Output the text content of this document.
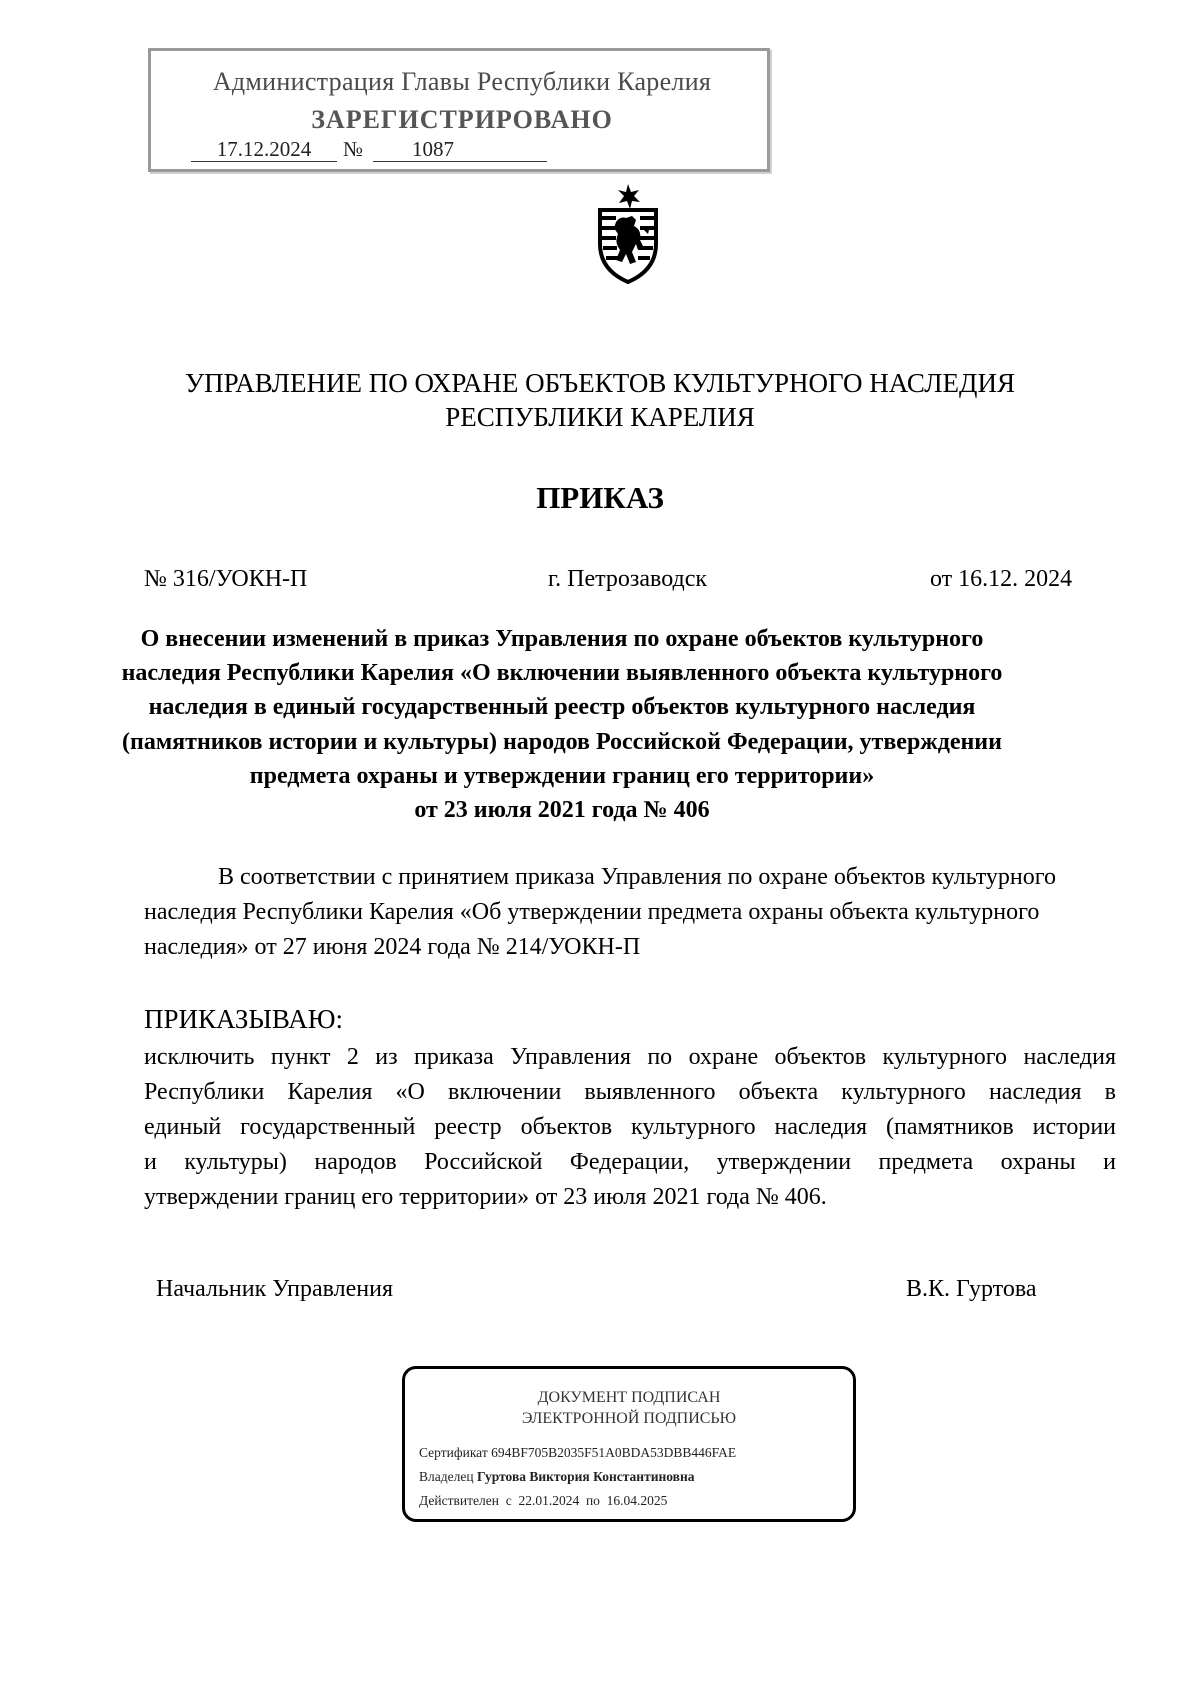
Администрация Главы Республики Карелия
ЗАРЕГИСТРИРОВАНО
17.12.2024	№	1087
УПРАВЛЕНИЕ ПО ОХРАНЕ ОБЪЕКТОВ КУЛЬТУРНОГО НАСЛЕДИЯ
РЕСПУБЛИКИ КАРЕЛИЯ
ПРИКАЗ
№ 316/УОКН-П	г. Петрозаводск	от 16.12. 2024
О внесении изменений в приказ Управления по охране объектов культурного
наследия Республики Карелия «О включении выявленного объекта культурного
наследия в единый государственный реестр объектов культурного наследия
(памятников истории и культуры) народов Российской Федерации, утверждении
предмета охраны и утверждении границ его территории»
от 23 июля 2021 года № 406
В соответствии с принятием приказа Управления по охране объектов культурного
наследия Республики Карелия «Об утверждении предмета охраны объекта культурного
наследия» от 27 июня 2024 года № 214/УОКН-П
ПРИКАЗЫВАЮ:
исключить пункт 2 из приказа Управления по охране объектов культурного наследия
Республики Карелия «О включении выявленного объекта культурного наследия в
единый государственный реестр объектов культурного наследия (памятников истории
и культуры) народов Российской Федерации, утверждении предмета охраны и
утверждении границ его территории» от 23 июля 2021 года № 406.
Начальник Управления	В.К. Гуртова
ДОКУМЕНТ ПОДПИСАН
ЭЛЕКТРОННОЙ ПОДПИСЬЮ
Сертификат 694BF705B2035F51A0BDA53DBB446FAE
Владелец Гуртова Виктория Константиновна
Действителен с 22.01.2024 по 16.04.2025
